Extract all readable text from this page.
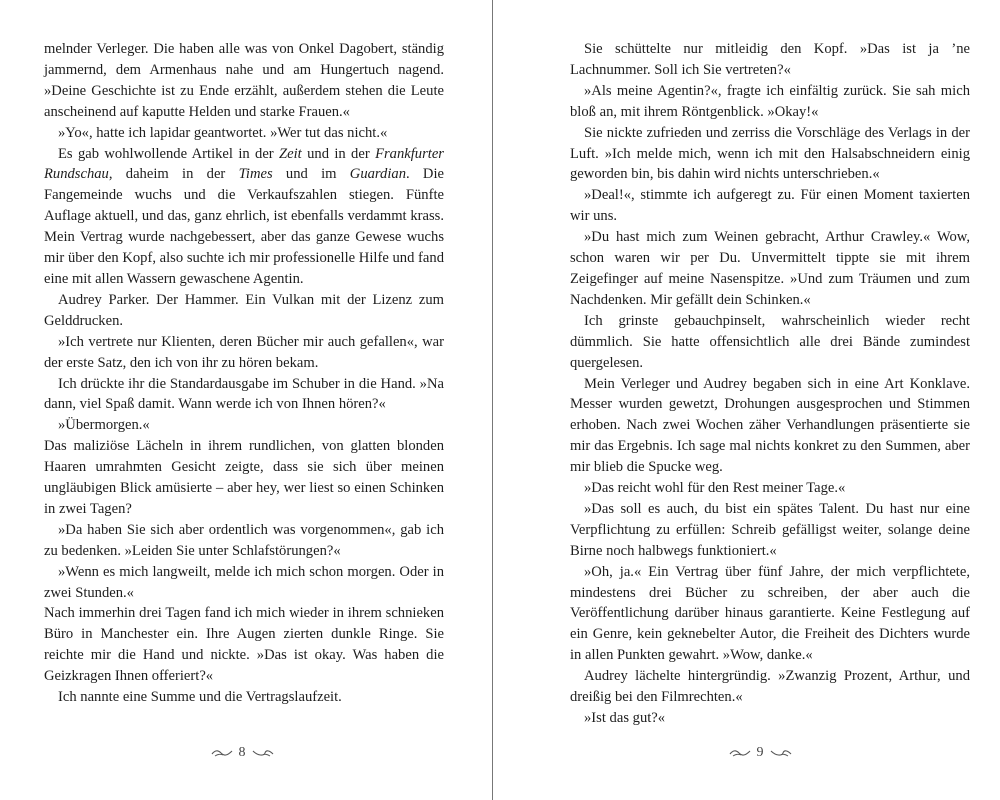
melnder Verleger. Die haben alle was von Onkel Dagobert, ständig jammernd, dem Armenhaus nahe und am Hungertuch nagend. »Deine Geschichte ist zu Ende erzählt, außerdem stehen die Leute anscheinend auf kaputte Helden und starke Frauen.«

»Yo«, hatte ich lapidar geantwortet. »Wer tut das nicht.«

Es gab wohlwollende Artikel in der Zeit und in der Frankfurter Rundschau, daheim in der Times und im Guardian. Die Fangemeinde wuchs und die Verkaufszahlen stiegen. Fünfte Auflage aktuell, und das, ganz ehrlich, ist ebenfalls verdammt krass. Mein Vertrag wurde nachgebessert, aber das ganze Gewese wuchs mir über den Kopf, also suchte ich mir professionelle Hilfe und fand eine mit allen Wassern gewaschene Agentin.

Audrey Parker. Der Hammer. Ein Vulkan mit der Lizenz zum Gelddrucken.

»Ich vertrete nur Klienten, deren Bücher mir auch gefallen«, war der erste Satz, den ich von ihr zu hören bekam.

Ich drückte ihr die Standardausgabe im Schuber in die Hand. »Na dann, viel Spaß damit. Wann werde ich von Ihnen hören?«

»Übermorgen.«

Das maliziöse Lächeln in ihrem rundlichen, von glatten blonden Haaren umrahmten Gesicht zeigte, dass sie sich über meinen ungläubigen Blick amüsierte – aber hey, wer liest so einen Schinken in zwei Tagen?

»Da haben Sie sich aber ordentlich was vorgenommen«, gab ich zu bedenken. »Leiden Sie unter Schlafstörungen?«

»Wenn es mich langweilt, melde ich mich schon morgen. Oder in zwei Stunden.«

Nach immerhin drei Tagen fand ich mich wieder in ihrem schnieken Büro in Manchester ein. Ihre Augen zierten dunkle Ringe. Sie reichte mir die Hand und nickte. »Das ist okay. Was haben die Geizkragen Ihnen offeriert?«

Ich nannte eine Summe und die Vertragslaufzeit.

Sie schüttelte nur mitleidig den Kopf. »Das ist ja ’ne Lachnummer. Soll ich Sie vertreten?«

»Als meine Agentin?«, fragte ich einfältig zurück. Sie sah mich bloß an, mit ihrem Röntgenblick. »Okay!«

Sie nickte zufrieden und zerriss die Vorschläge des Verlags in der Luft. »Ich melde mich, wenn ich mit den Halsabschneidern einig geworden bin, bis dahin wird nichts unterschrieben.«

»Deal!«, stimmte ich aufgeregt zu. Für einen Moment taxierten wir uns.

»Du hast mich zum Weinen gebracht, Arthur Crawley.« Wow, schon waren wir per Du. Unvermittelt tippte sie mit ihrem Zeigefinger auf meine Nasenspitze. »Und zum Träumen und zum Nachdenken. Mir gefällt dein Schinken.«

Ich grinste gebauchpinselt, wahrscheinlich wieder recht dümmlich. Sie hatte offensichtlich alle drei Bände zumindest quergelesen.

Mein Verleger und Audrey begaben sich in eine Art Konklave. Messer wurden gewetzt, Drohungen ausgesprochen und Stimmen erhoben. Nach zwei Wochen zäher Verhandlungen präsentierte sie mir das Ergebnis. Ich sage mal nichts konkret zu den Summen, aber mir blieb die Spucke weg.

»Das reicht wohl für den Rest meiner Tage.«

»Das soll es auch, du bist ein spätes Talent. Du hast nur eine Verpflichtung zu erfüllen: Schreib gefälligst weiter, solange deine Birne noch halbwegs funktioniert.«

»Oh, ja.« Ein Vertrag über fünf Jahre, der mich verpflichtete, mindestens drei Bücher zu schreiben, der aber auch die Veröffentlichung darüber hinaus garantierte. Keine Festlegung auf ein Genre, kein geknebelter Autor, die Freiheit des Dichters wurde in allen Punkten gewahrt. »Wow, danke.«

Audrey lächelte hintergründig. »Zwanzig Prozent, Arthur, und dreißig bei den Filmrechten.«

»Ist das gut?«

8	9
